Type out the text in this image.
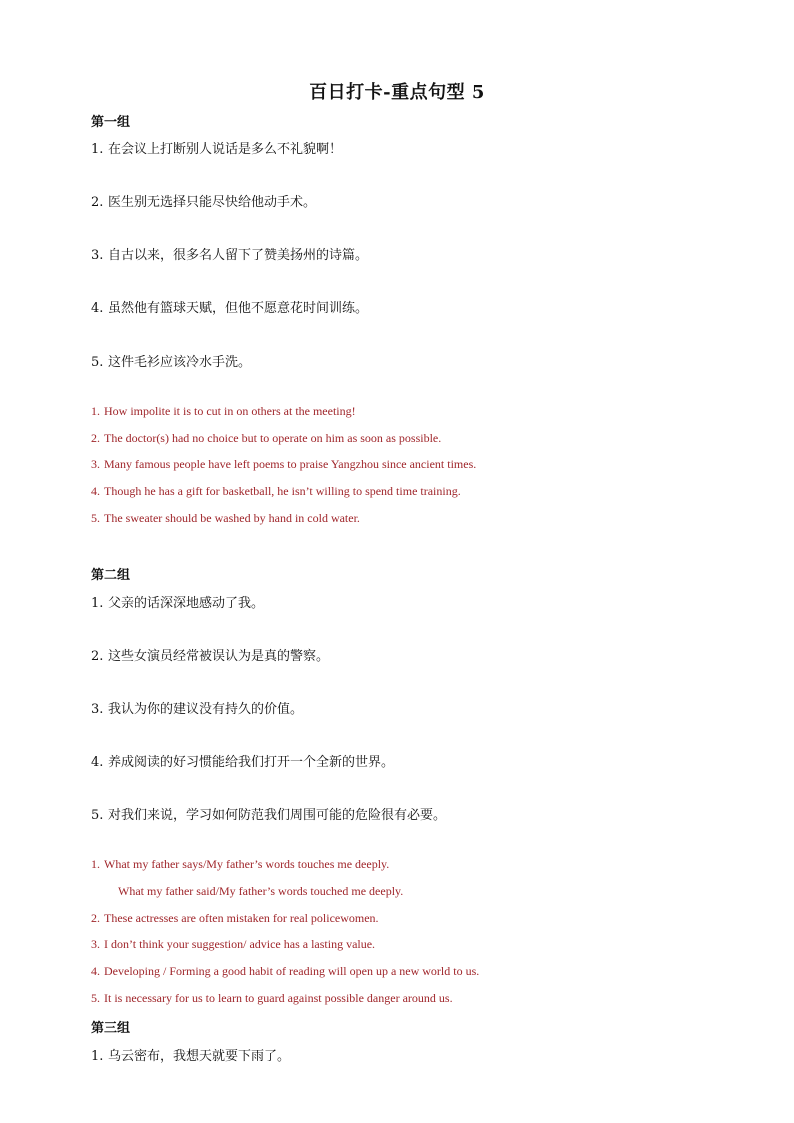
百日打卡-重点句型 5
第一组
1. 在会议上打断别人说话是多么不礼貌啊！
2. 医生别无选择只能尽快给他动手术。
3. 自古以来，很多名人留下了赞美扬州的诗篇。
4. 虽然他有篮球天赋，但他不愿意花时间训练。
5. 这件毛衫应该冷水手洗。
1. How impolite it is to cut in on others at the meeting!
2. The doctor(s) had no choice but to operate on him as soon as possible.
3. Many famous people have left poems to praise Yangzhou since ancient times.
4. Though he has a gift for basketball, he isn’t willing to spend time training.
5. The sweater should be washed by hand in cold water.
第二组
1. 父亲的话深深地感动了我。
2. 这些女演员经常被误认为是真的警察。
3. 我认为你的建议没有持久的价值。
4. 养成阅读的好习惯能给我们打开一个全新的世界。
5. 对我们来说，学习如何防范我们周围可能的危险很有必要。
1. What my father says/My father’s words touches me deeply.
What my father said/My father’s words touched me deeply.
2. These actresses are often mistaken for real policewomen.
3. I don’t think your suggestion/ advice has a lasting value.
4. Developing / Forming a good habit of reading will open up a new world to us.
5. It is necessary for us to learn to guard against possible danger around us.
第三组
1. 乌云密布，我想天就要下雨了。
